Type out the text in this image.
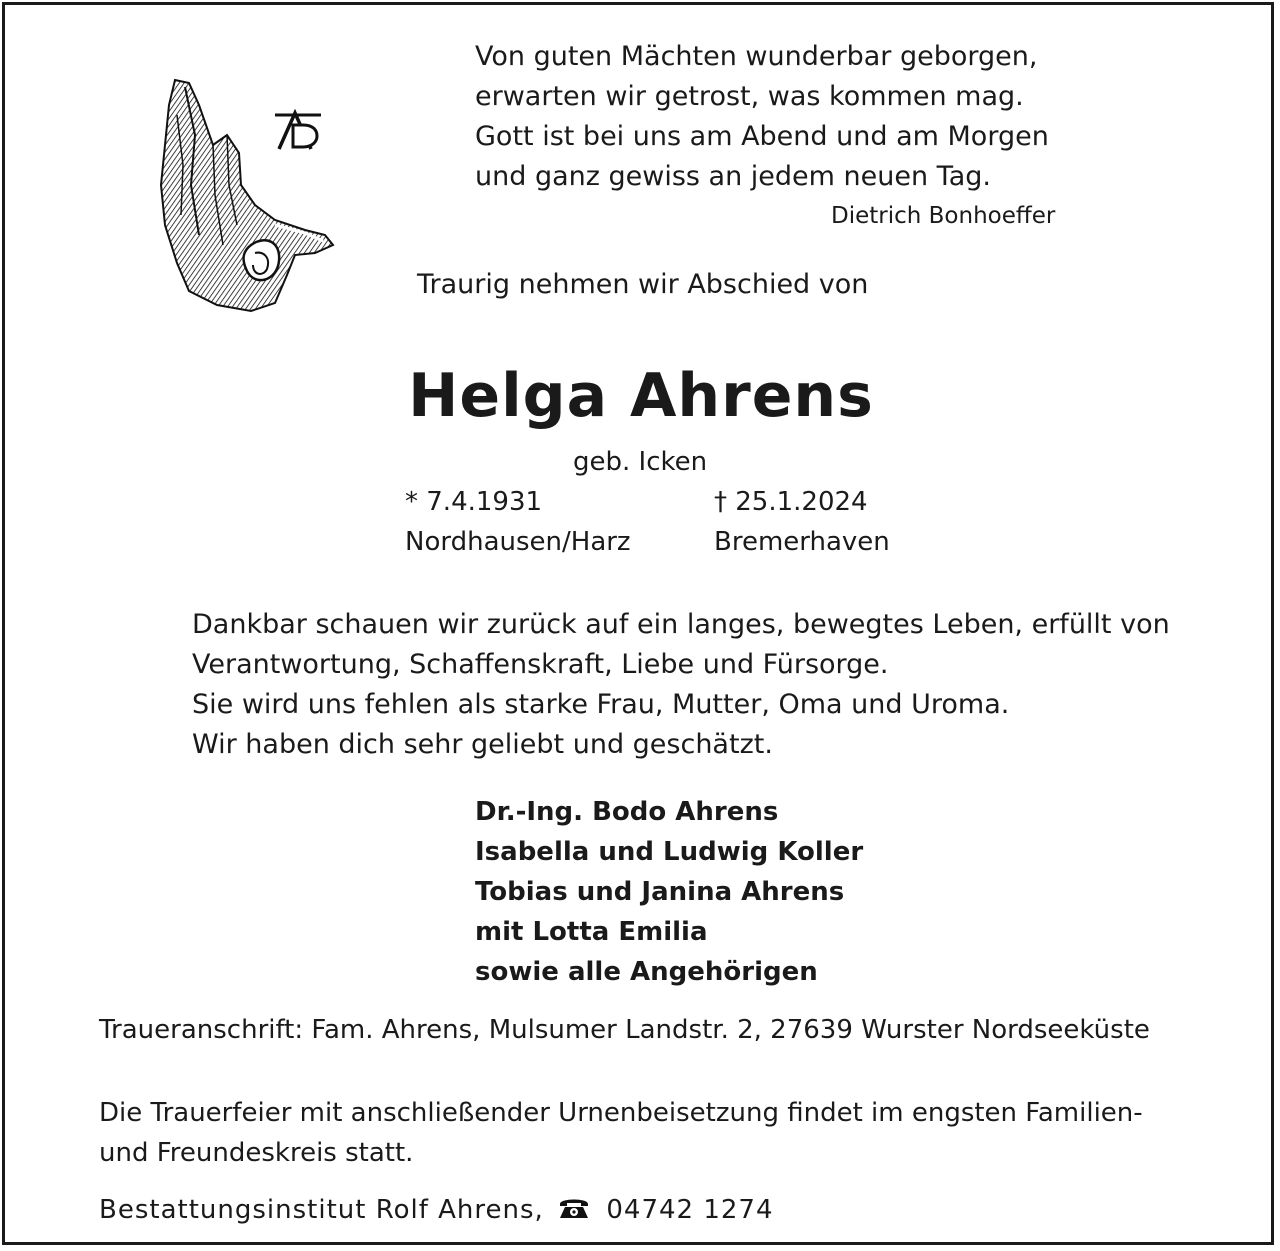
Von guten Mächten wunderbar geborgen,
erwarten wir getrost, was kommen mag.
Gott ist bei uns am Abend und am Morgen
und ganz gewiss an jedem neuen Tag.
Dietrich Bonhoeffer
Traurig nehmen wir Abschied von
Helga Ahrens
geb. Icken
* 7.4.1931
Nordhausen/Harz
† 25.1.2024
Bremerhaven
Dankbar schauen wir zurück auf ein langes, bewegtes Leben, erfüllt von
Verantwortung, Schaffenskraft, Liebe und Fürsorge.
Sie wird uns fehlen als starke Frau, Mutter, Oma und Uroma.
Wir haben dich sehr geliebt und geschätzt.
Dr.-Ing. Bodo Ahrens
Isabella und Ludwig Koller
Tobias und Janina Ahrens
mit Lotta Emilia
sowie alle Angehörigen
Traueranschrift: Fam. Ahrens, Mulsumer Landstr. 2, 27639 Wurster Nordseeküste
Die Trauerfeier mit anschließender Urnenbeisetzung findet im engsten Familien-
und Freundeskreis statt.
Bestattungsinstitut Rolf Ahrens, 04742 1274
